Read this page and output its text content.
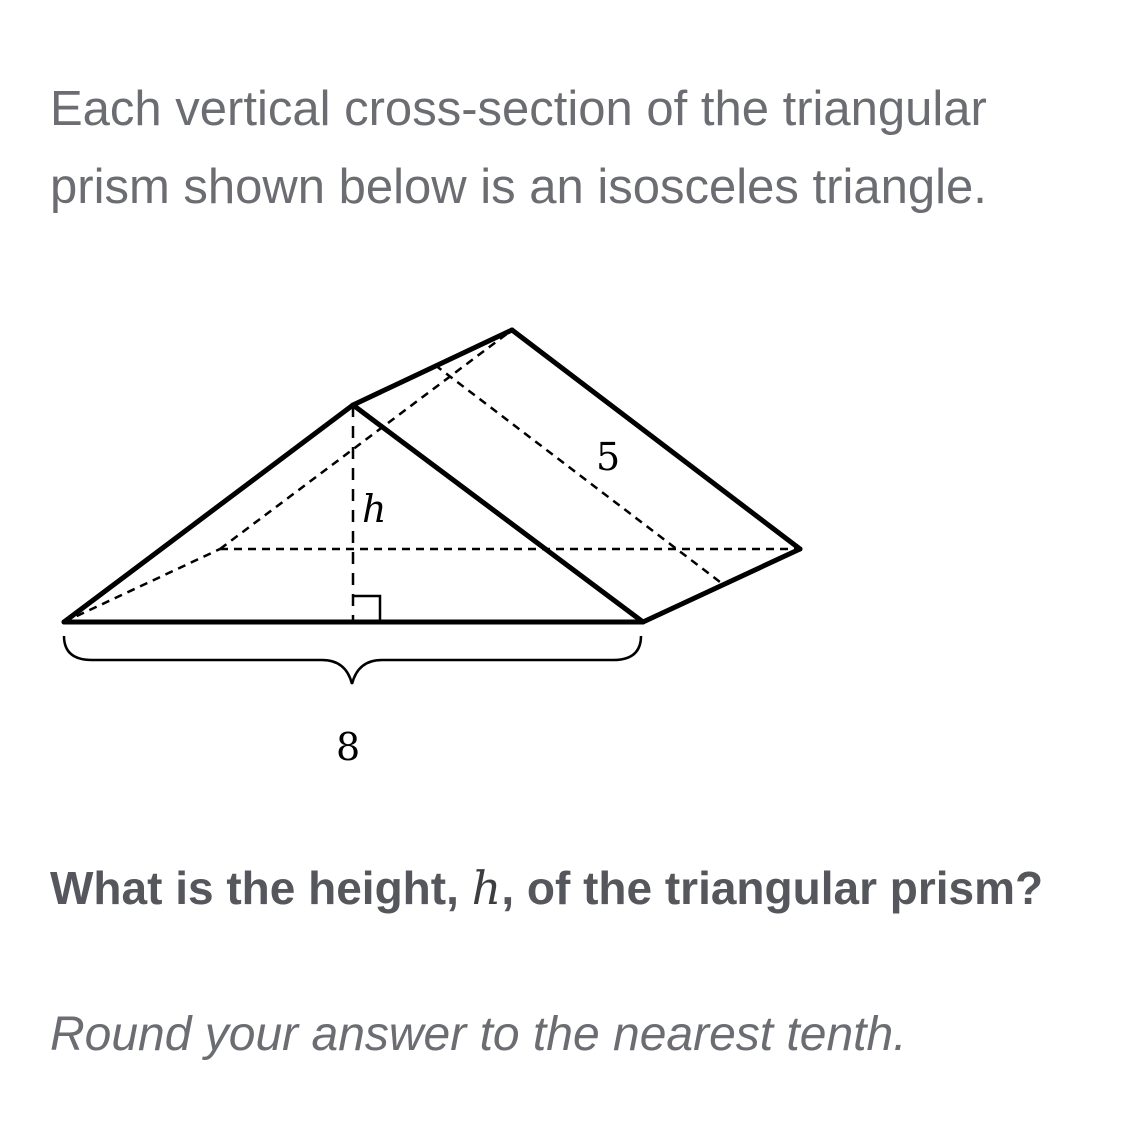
Each vertical cross-section of the triangular prism shown below is an isosceles triangle.

h
5
8

What is the height, h, of the triangular prism?

Round your answer to the nearest tenth.
